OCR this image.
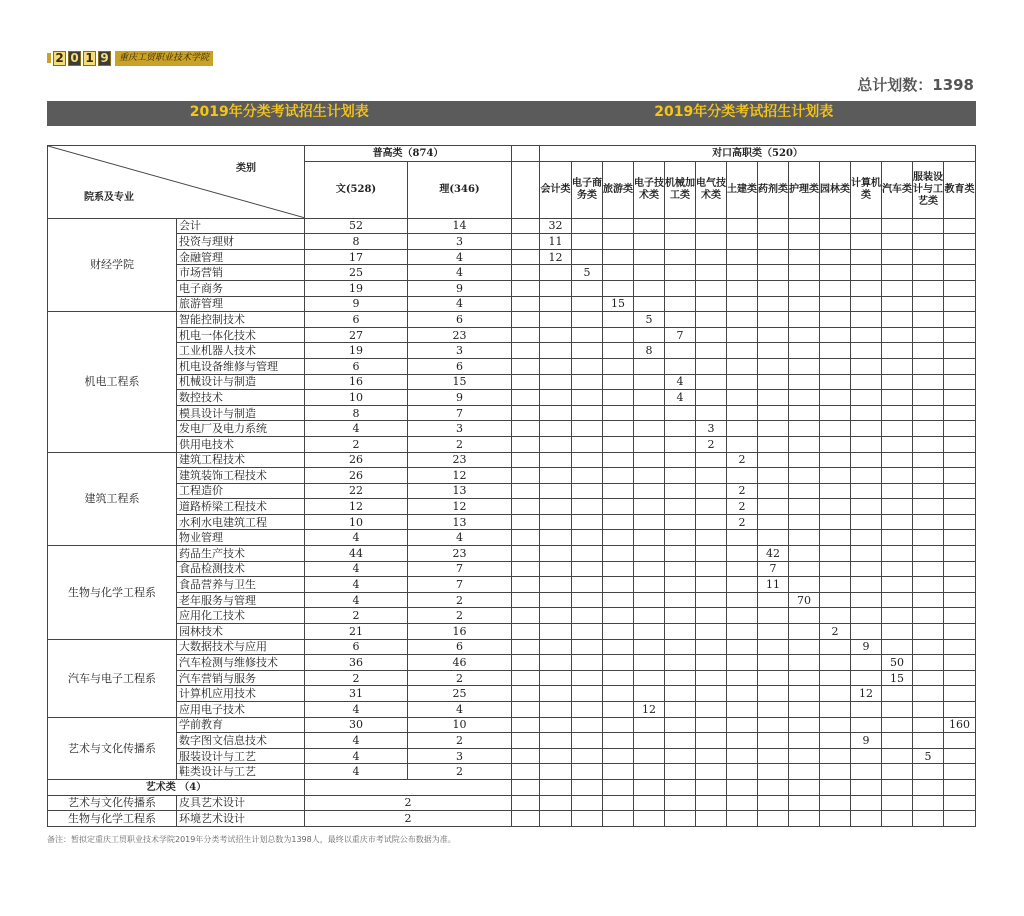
2 0 1 9	重庆工贸职业技术学院
总计划数：1398
2019年分类考试招生计划表	2019年分类考试招生计划表
类别
院系及专业		普高类（874）			对口高职类（520）													
		文(528)	理(346)		会计类	电子商务类	旅游类	电子技术类	机械加工类	电气技术类	土建类	药剂类	护理类	园林类	计算机类	汽车类	服装设计与工艺类	教育类
财经学院	会计	52	14		32													
	投资与理财	8	3		11													
	金融管理	17	4		12													
	市场营销	25	4			5												
	电子商务	19	9															
	旅游管理	9	4				15											
机电工程系	智能控制技术	6	6					5										
	机电一体化技术	27	23						7									
	工业机器人技术	19	3					8										
	机电设备维修与管理	6	6															
	机械设计与制造	16	15						4									
	数控技术	10	9						4									
	模具设计与制造	8	7															
	发电厂及电力系统	4	3							3								
	供用电技术	2	2							2								
建筑工程系	建筑工程技术	26	23								2							
	建筑装饰工程技术	26	12															
	工程造价	22	13								2							
	道路桥梁工程技术	12	12								2							
	水利水电建筑工程	10	13								2							
	物业管理	4	4															
生物与化学工程系	药品生产技术	44	23									42						
	食品检测技术	4	7									7						
	食品营养与卫生	4	7									11						
	老年服务与管理	4	2										70					
	应用化工技术	2	2															
	园林技术	21	16											2				
汽车与电子工程系	大数据技术与应用	6	6												9			
	汽车检测与维修技术	36	46													50		
	汽车营销与服务	2	2													15		
	计算机应用技术	31	25												12			
	应用电子技术	4	4					12										
艺术与文化传播系	学前教育	30	10															160
	数字图文信息技术	4	2												9			
	服装设计与工艺	4	3														5	
	鞋类设计与工艺	4	2															
艺术类 （4）																		
艺术与文化传播系	皮具艺术设计	2																
生物与化学工程系	环境艺术设计	2																
备注：暂拟定重庆工贸职业技术学院2019年分类考试招生计划总数为1398人，最终以重庆市考试院公布数据为准。
